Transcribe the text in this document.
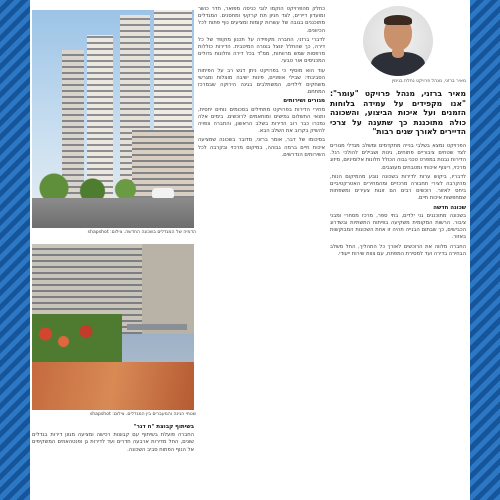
מאיר ברזני, מנהל פרויקט נחלת בנימין
מאיר ברזני, מנהל פרויקט "עומר": "אנו מקפידים על עמידה בלוחות הזמנים ועל איכות הביצוע, והשכונה כולה מתוכננת כך שתענה על צרכי הדיירים לאורך שנים רבות"

הפרויקט נמצא בשלבי בנייה מתקדמים ומשלב מגדלי מגורים לצד שטחים ציבוריים פתוחים, גינות ושבילים להולכי רגל. הדירות נבנות במפרט טכני גבוה הכולל חלונות אלומיניום, מיזוג מרכזי, ריצוף איכותי ומטבחים מעוצבים.

לדבריו, ביקוש ערות לדירות בשכונה נובע מהמיקום הנוח, מהקרבה לצירי תחבורה מרכזיים ומהמחירים האטרקטיביים ביחס לאזור. רוכשים רבים הם זוגות צעירים ומשפחות שמחפשות איכות חיים.

שכונה חדשה

בשכונה מתוכננים גני ילדים, בתי ספר, מרכז מסחרי ומבני ציבור. הרשות המקומית משקיעה בפיתוח התשתיות ובשדרוג הכבישים, כך שבתום הבנייה תהיה זו אחת השכונות המבוקשות באזור.

החברה מלווה את הרוכשים לאורך כל התהליך, החל משלב הבחירה בדירה ועד למסירת המפתח, עם צוות שירות ייעודי.

כחלק מהפרויקט הוקמו לובי כניסה מפואר, חדר כושר ומועדון דיירים, לצד חניון תת קרקעי ומחסנים. המגדלים מתוכננים בגובה של עשרות קומות ומציעים נוף פתוח לכל הכיוונים.

לדברי ברזני, החברה מקפידה על תכנון מוקפד של כל דירה, כך שהחלל ינוצל בצורה המיטבית. הדירות כוללות מרפסות שמש מרווחות, ממ"ד בכל דירה וחלונות גדולים המכניסים אור טבעי.

עוד הוא מוסיף כי בפרויקט ניתן דגש רב על הפיתוח הסביבתי: שבילי אופניים, פינות ישיבה מוצלות ומגרשי משחקים לילדים, המשתלבים בגינה הירוקה שבמרכז המתחם.

מגורים ושירותים

מחירי הדירות בפרויקט מתחילים בסכומים נוחים יחסית, ותנאי התשלום גמישים ומותאמים לרוכשים. בימים אלה נמכרו כבר רוב הדירות בשלב הראשון, והחברה צפויה להשיק בקרוב את השלב הבא.

בסיכומו של דבר, אומר ברזני, מדובר בשכונה שמציעה איכות חיים ברמה גבוהה, במיקום מרכזי ובקרבה לכל השירותים הנדרשים.

הדמיה של המגדלים בשכונה החדשה. צילום: shapshot
שטחי הגינה והמעברים בין המגדלים. צילום: shapshot
בשיתוף קבוצת "ח דגר"

החברה פועלת בשיתוף עם קבוצות רכישה ומציעה מגוון דירות בגדלים שונים, החל מדירות ארבעה חדרים ועד לדירות גן ופנטהאוזים המשקיפים אל הנוף הפתוח סביב השכונה.
